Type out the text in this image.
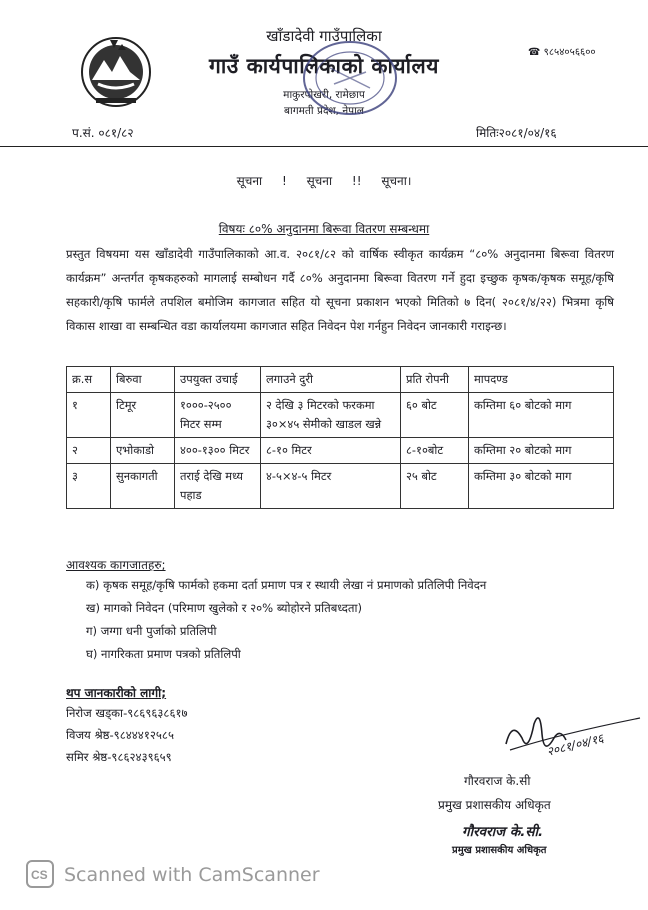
खाँडादेवी गाउँपालिका
गाउँ कार्यपालिकाको कार्यालय
माकुरपोखरी, रामेछाप
बागमती प्रदेश, नेपाल
☎ ९८५४०५६६००
प.सं. ०८१/८२	मितिः२०८१/०४/१६
सूचना ! सूचना !! सूचना।
विषयः ८०% अनुदानमा बिरूवा वितरण सम्बन्धमा
प्रस्तुत विषयमा यस खाँडादेवी गाउँपालिकाको आ.व. २०८१/८२ को वार्षिक स्वीकृत कार्यक्रम “८०% अनुदानमा बिरूवा वितरण कार्यक्रम” अन्तर्गत कृषकहरुको मागलाई सम्बोधन गर्दै ८०% अनुदानमा बिरूवा वितरण गर्ने हुदा इच्छुक कृषक/कृषक समूह/कृषि सहकारी/कृषि फार्मले तपशिल बमोजिम कागजात सहित यो सूचना प्रकाशन भएको मितिको ७ दिन( २०८१/४/२२) भित्रमा कृषि विकास शाखा वा सम्बन्धित वडा कार्यालयमा कागजात सहित निवेदन पेश गर्नहुन निवेदन जानकारी गराइन्छ।
क्र.स	बिरुवा	उपयुक्त उचाई	लगाउने दुरी	प्रति रोपनी	मापदण्ड
१	टिमूर	१०००-२५०० मिटर सम्म	२ देखि ३ मिटरको फरकमा ३०×४५ सेमीको खाडल खन्ने	६० बोट	कम्तिमा ६० बोटको माग
२	एभोकाडो	४००-१३०० मिटर	८-१० मिटर	८-१०बोट	कम्तिमा २० बोटको माग
३	सुनकागती	तराई देखि मध्य पहाड	४-५×४-५ मिटर	२५ बोट	कम्तिमा ३० बोटको माग
आवश्यक कागजातहरु;
क) कृषक समूह/कृषि फार्मको हकमा दर्ता प्रमाण पत्र र स्थायी लेखा नं प्रमाणको प्रतिलिपी निवेदन
ख) मागको निवेदन (परिमाण खुलेको र २०% ब्योहोरने प्रतिबध्दता)
ग) जग्गा धनी पुर्जाको प्रतिलिपी
घ) नागरिकता प्रमाण पत्रको प्रतिलिपी
थप जानकारीको लागी;
निरोज खड्का-९८६९६३८६१७
विजय श्रेष्ठ-९८४४४१२५८५
समिर श्रेष्ठ-९८६२४३९६५९	२०८१/०४/१६
गौरवराज के.सी
प्रमुख प्रशासकीय अधिकृत
गौरवराज के.सी.
प्रमुख प्रशासकीय अधिकृत
CS Scanned with CamScanner
